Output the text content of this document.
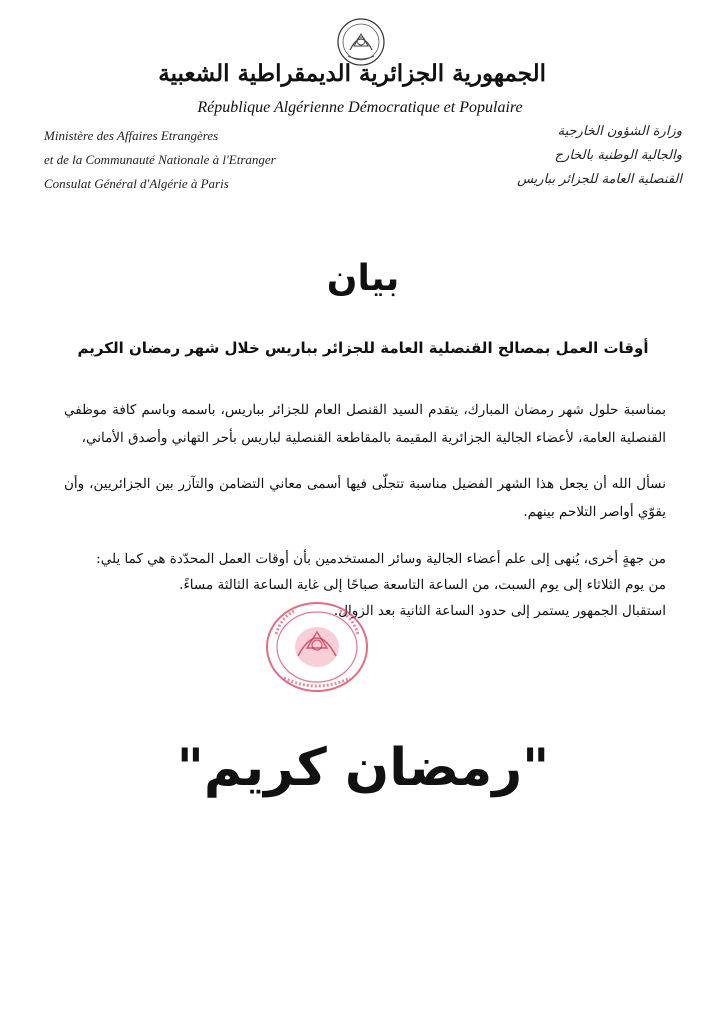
الجمهورية الجزائرية الديمقراطية الشعبية
République Algérienne Démocratique et Populaire
Ministère des Affaires Etrangères
et de la Communauté Nationale à l'Etranger
Consulat Général d'Algérie à Paris
وزارة الشؤون الخارجية
والجالية الوطنية بالخارج
القنصلية العامة للجزائر بباريس
بيان
أوقات العمل بمصالح القنصلية العامة للجزائر بباريس خلال شهر رمضان الكريم
بمناسبة حلول شهر رمضان المبارك، يتقدم السيد القنصل العام للجزائر بباريس، باسمه وباسم كافة موظفي القنصلية العامة، لأعضاء الجالية الجزائرية المقيمة بالمقاطعة القنصلية لباريس بأحر التهاني وأصدق الأماني،
نسأل الله أن يجعل هذا الشهر الفضيل مناسبة تتجلّى فيها أسمى معاني التضامن والتآزر بين الجزائريين، وأن يقوّي أواصر التلاحم بينهم.
من جهةٍ أخرى، يُنهى إلى علم أعضاء الجالية وسائر المستخدمين بأن أوقات العمل المحدّدة هي كما يلي:
من يوم الثلاثاء إلى يوم السبت، من الساعة التاسعة صباحًا إلى غاية الساعة الثالثة مساءً.
استقبال الجمهور يستمر إلى حدود الساعة الثانية بعد الزوال.
"رمضان كريم"
